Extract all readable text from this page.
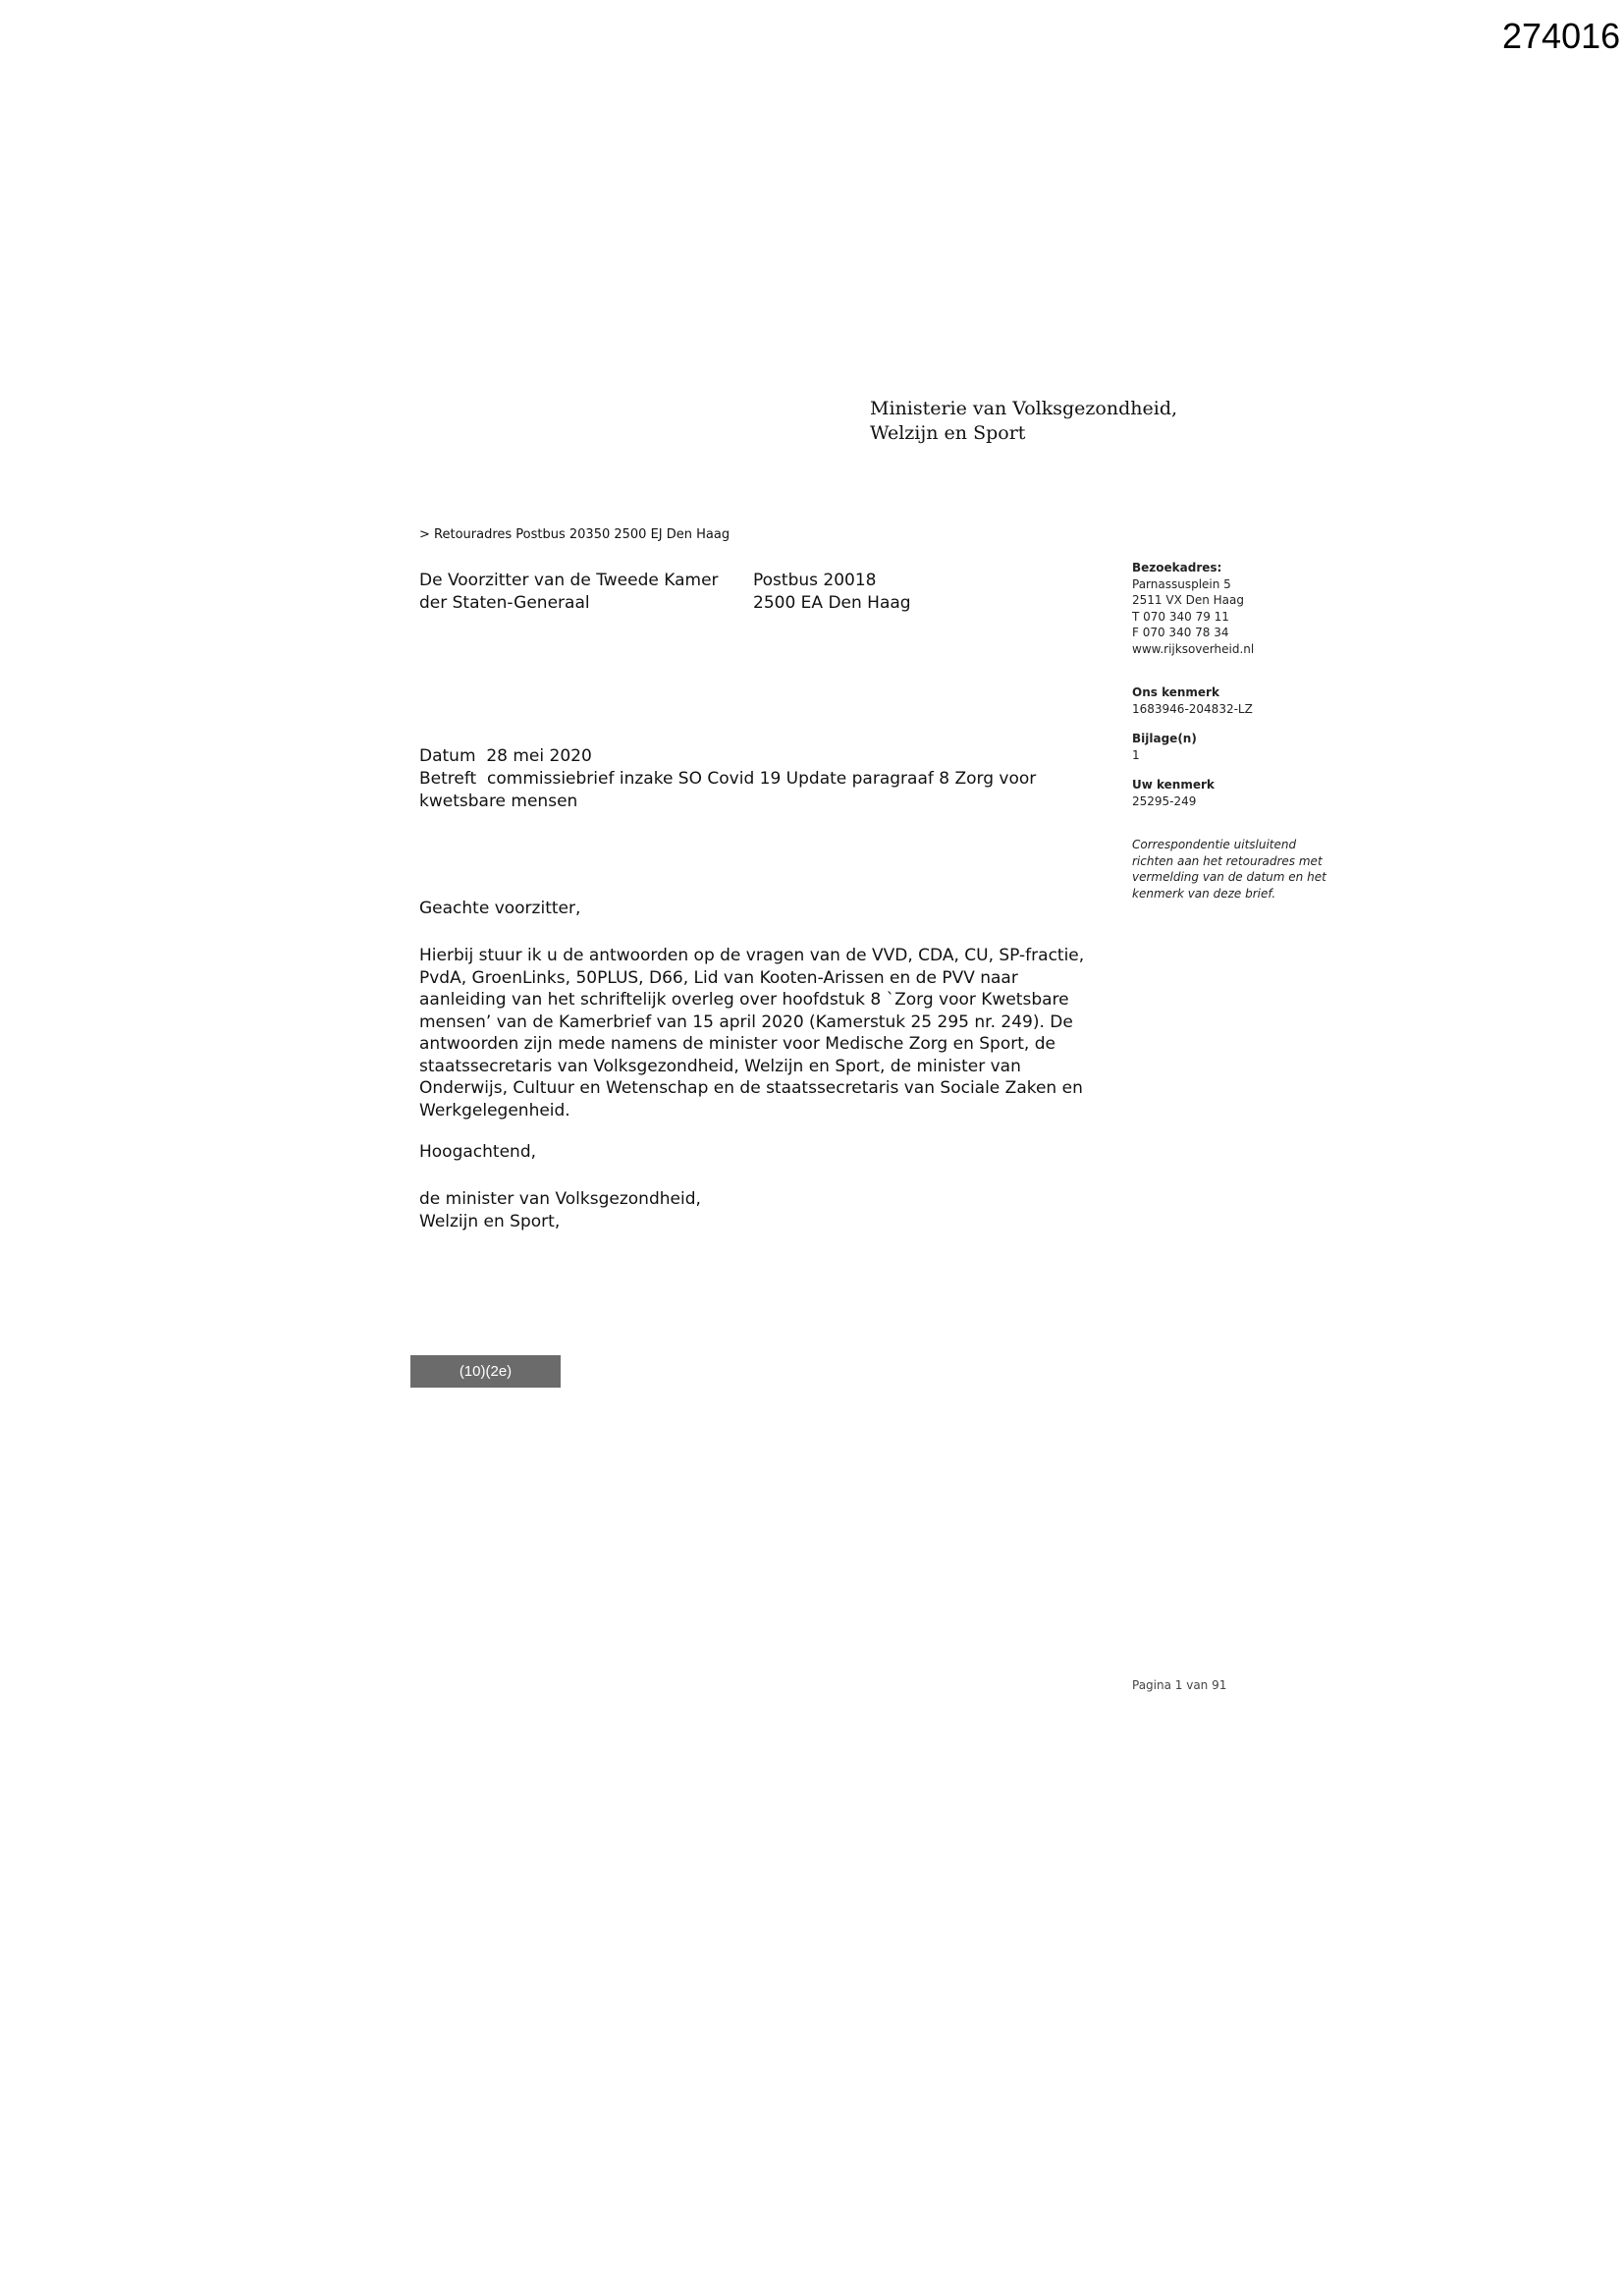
274016
Ministerie van Volksgezondheid,
Welzijn en Sport
> Retouradres Postbus 20350 2500 EJ Den Haag
De Voorzitter van de Tweede Kamer
der Staten-Generaal
Postbus 20018
2500 EA Den Haag
Bezoekadres:
Parnassusplein 5
2511 VX Den Haag
T 070 340 79 11
F 070 340 78 34
www.rijksoverheid.nl
Ons kenmerk
1683946-204832-LZ
Bijlage(n)
1
Uw kenmerk
25295-249
Correspondentie uitsluitend richten aan het retouradres met vermelding van de datum en het kenmerk van deze brief.
Datum 28 mei 2020
Betreft commissiebrief inzake SO Covid 19 Update paragraaf 8 Zorg voor kwetsbare mensen
Geachte voorzitter,

Hierbij stuur ik u de antwoorden op de vragen van de VVD, CDA, CU, SP-fractie, PvdA, GroenLinks, 50PLUS, D66, Lid van Kooten-Arissen en de PVV naar aanleiding van het schriftelijk overleg over hoofdstuk 8 `Zorg voor Kwetsbare mensen’ van de Kamerbrief van 15 april 2020 (Kamerstuk 25 295 nr. 249). De antwoorden zijn mede namens de minister voor Medische Zorg en Sport, de staatssecretaris van Volksgezondheid, Welzijn en Sport, de minister van Onderwijs, Cultuur en Wetenschap en de staatssecretaris van Sociale Zaken en Werkgelegenheid.

Hoogachtend,
de minister van Volksgezondheid,
Welzijn en Sport,
(10)(2e)
Pagina 1 van 91
